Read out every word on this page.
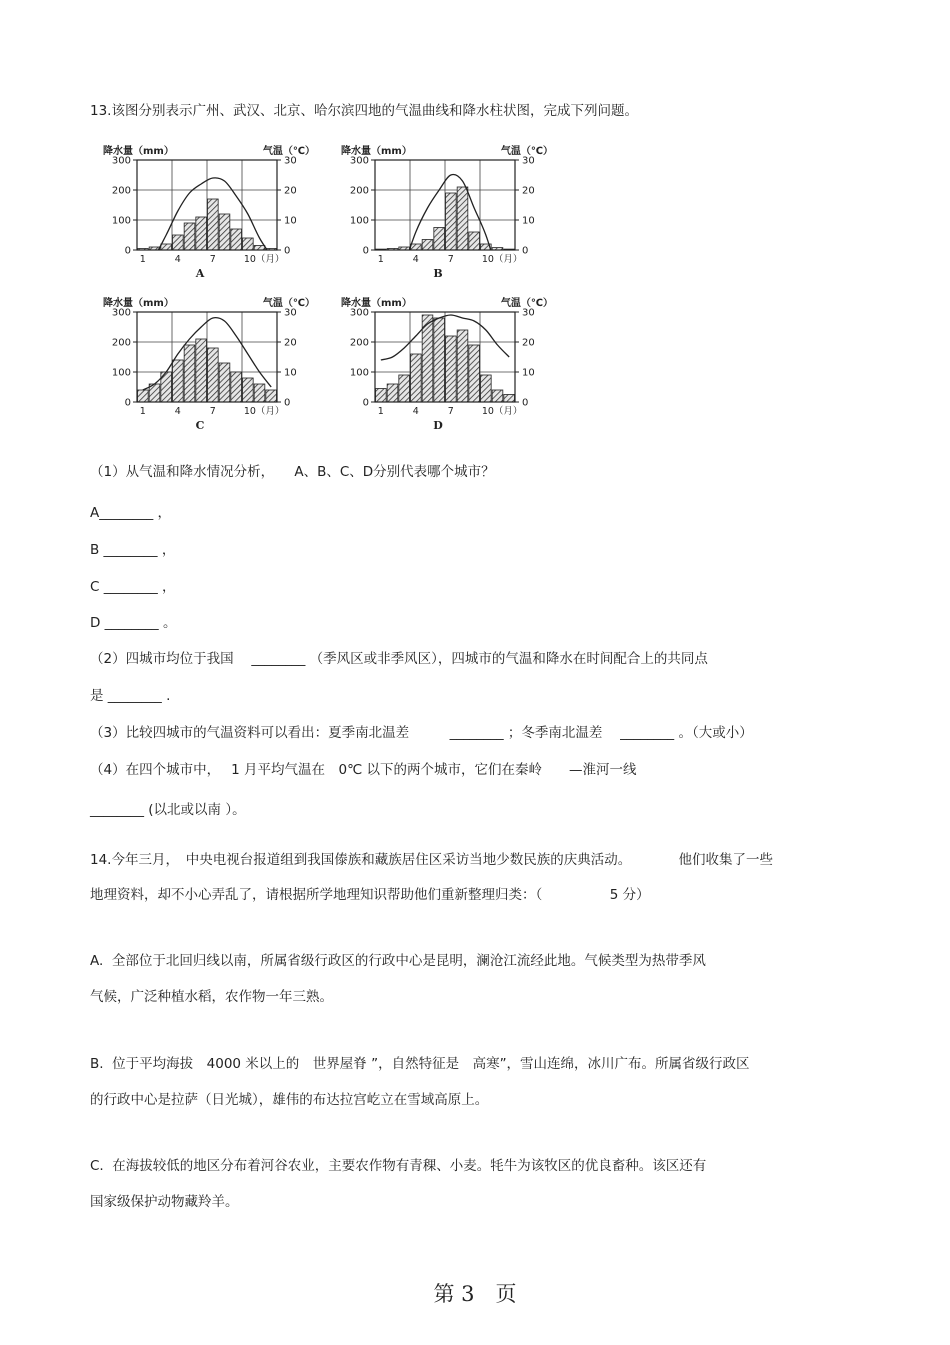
13.该图分别表示广州、武汉、北京、哈尔滨四地的气温曲线和降水柱状图，完成下列问题。
降水量（mm）	气温（℃）
300
200
100
0
30
20
10
0
1	4	7	10（月）
A
降水量（mm）	气温（℃）
300
200
100
0
30
20
10
0
1	4	7	10（月）
B
降水量（mm）	气温（℃）
300
200
100
0
30
20
10
0
1	4	7	10（月）
C
降水量（mm）	气温（℃）
300
200
100
0
30
20
10
0
1	4	7	10（月）
D
（1）从气温和降水情况分析，　　A、B、C、D分别代表哪个城市？
A________ ，
B ________ ，
C ________ ，
D ________ 。
（2）四城市均位于我国　 ________ （季风区或非季风区），四城市的气温和降水在时间配合上的共同点
是 ________ .
（3）比较四城市的气温资料可以看出：夏季南北温差　　　________ ；冬季南北温差　 ________ 。（大或小）
（4）在四个城市中，　 1 月平均气温在　0℃ 以下的两个城市，它们在秦岭　　—淮河一线
________ (以北或以南 ）。
14.今年三月，　中央电视台报道组到我国傣族和藏族居住区采访当地少数民族的庆典活动。　　　　他们收集了一些
地理资料，却不小心弄乱了，请根据所学地理知识帮助他们重新整理归类：（　　　　　5 分）
A.  全部位于北回归线以南，所属省级行政区的行政中心是昆明，澜沧江流经此地。气候类型为热带季风
气候，广泛种植水稻，农作物一年三熟。
B.  位于平均海拔　4000 米以上的　世界屋脊 ”，自然特征是　高寒”，雪山连绵，冰川广布。所属省级行政区
的行政中心是拉萨（日光城），雄伟的布达拉宫屹立在雪域高原上。
C.  在海拔较低的地区分布着河谷农业，主要农作物有青稞、小麦。牦牛为该牧区的优良畜种。该区还有
国家级保护动物藏羚羊。
第 3　页
